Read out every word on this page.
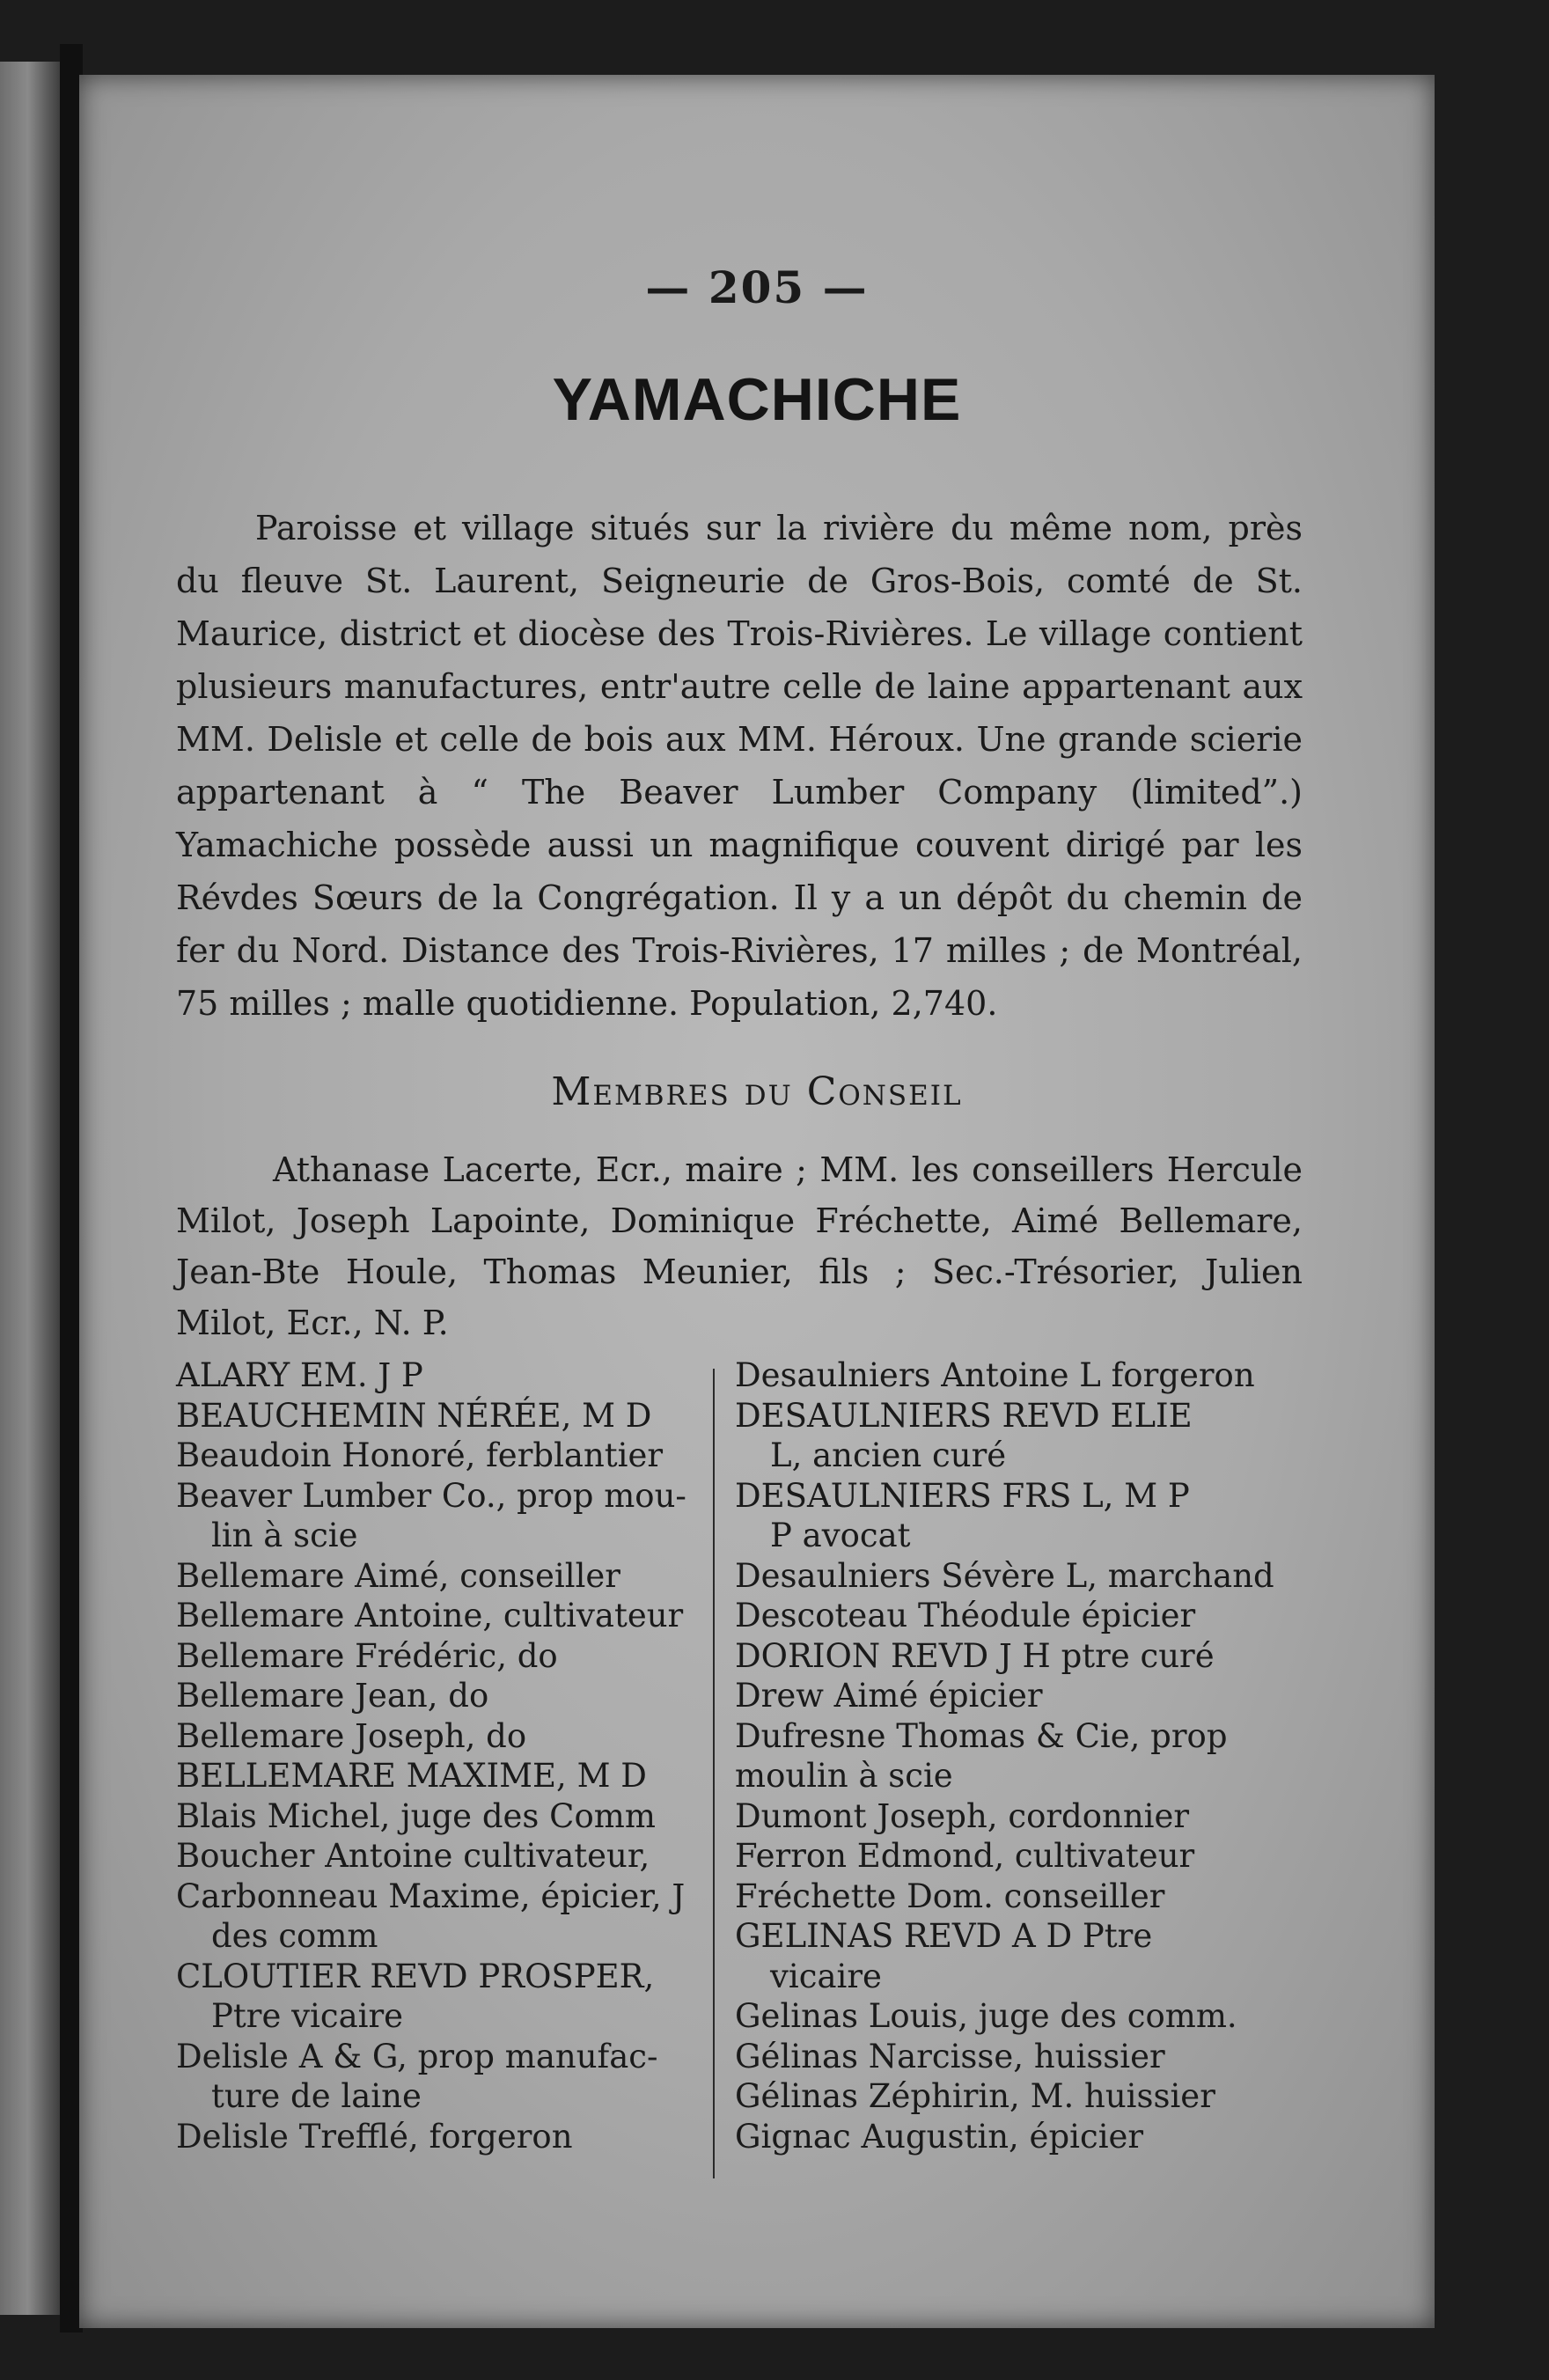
— 205 —
YAMACHICHE

Paroisse et village situés sur la rivière du même nom, près du fleuve St. Laurent, Seigneurie de Gros-Bois, comté de St. Maurice, district et diocèse des Trois-Rivières. Le village contient plusieurs manufactures, entr'autre celle de laine appartenant aux MM. Delisle et celle de bois aux MM. Héroux. Une grande scierie appartenant à “ The Beaver Lumber Company (limited”.) Yamachiche possède aussi un magnifique couvent dirigé par les Révdes Sœurs de la Congrégation. Il y a un dépôt du chemin de fer du Nord. Distance des Trois-Rivières, 17 milles ; de Montréal, 75 milles ; malle quotidienne. Population, 2,740.

Membres du Conseil

Athanase Lacerte, Ecr., maire ; MM. les conseillers Hercule Milot, Joseph Lapointe, Dominique Fréchette, Aimé Bellemare, Jean-Bte Houle, Thomas Meunier, fils ; Sec.-Trésorier, Julien Milot, Ecr., N. P.

ALARY EM. J P
BEAUCHEMIN NÉRÉE, M D
Beaudoin Honoré, ferblantier
Beaver Lumber Co., prop mou-
lin à scie
Bellemare Aimé, conseiller
Bellemare Antoine, cultivateur
Bellemare Frédéric, do
Bellemare Jean, do
Bellemare Joseph, do
BELLEMARE MAXIME, M D
Blais Michel, juge des Comm
Boucher Antoine cultivateur,
Carbonneau Maxime, épicier, J
des comm
CLOUTIER REVD PROSPER,
Ptre vicaire
Delisle A & G, prop manufac-
ture de laine
Delisle Trefflé, forgeron
Desaulniers Antoine L forgeron
DESAULNIERS REVD ELIE
L, ancien curé
DESAULNIERS FRS L, M P
P avocat
Desaulniers Sévère L, marchand
Descoteau Théodule épicier
DORION REVD J H ptre curé
Drew Aimé épicier
Dufresne Thomas & Cie, prop
moulin à scie
Dumont Joseph, cordonnier
Ferron Edmond, cultivateur
Fréchette Dom. conseiller
GELINAS REVD A D Ptre
vicaire
Gelinas Louis, juge des comm.
Gélinas Narcisse, huissier
Gélinas Zéphirin, M. huissier
Gignac Augustin, épicier
